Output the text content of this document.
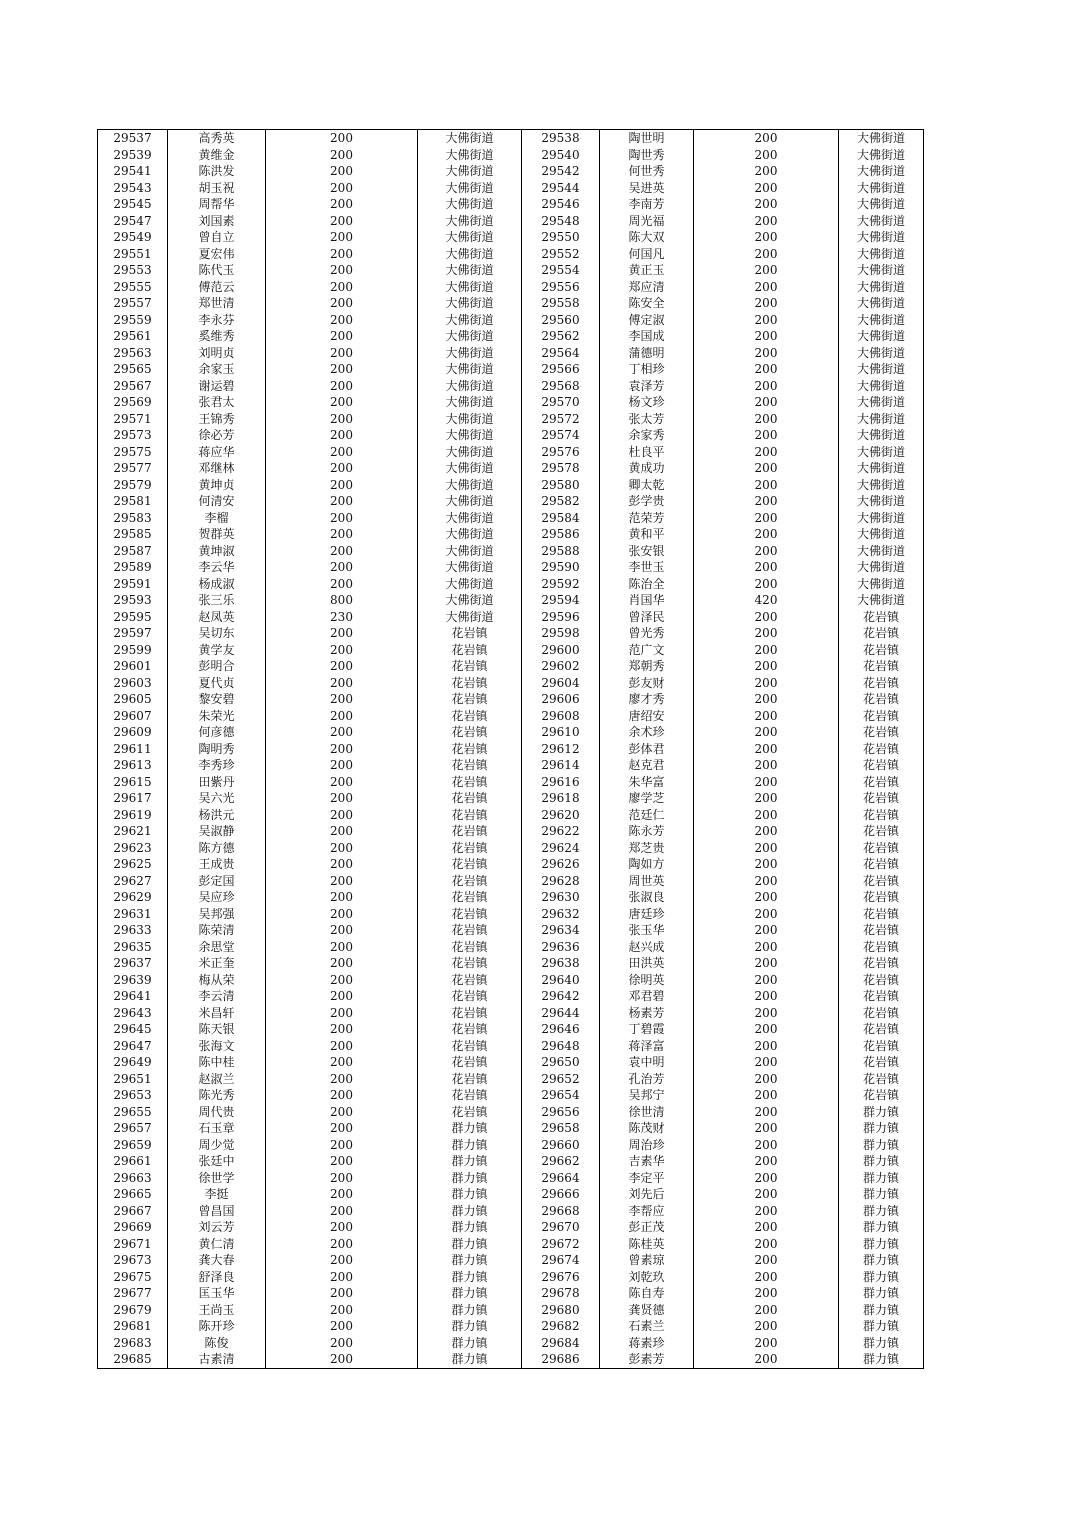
29537	高秀英	200	大佛街道	29538	陶世明	200	大佛街道
29539	黄维金	200	大佛街道	29540	陶世秀	200	大佛街道
29541	陈洪发	200	大佛街道	29542	何世秀	200	大佛街道
29543	胡玉祝	200	大佛街道	29544	吴进英	200	大佛街道
29545	周帮华	200	大佛街道	29546	李南芳	200	大佛街道
29547	刘国素	200	大佛街道	29548	周光福	200	大佛街道
29549	曾自立	200	大佛街道	29550	陈大双	200	大佛街道
29551	夏宏伟	200	大佛街道	29552	何国凡	200	大佛街道
29553	陈代玉	200	大佛街道	29554	黄正玉	200	大佛街道
29555	傅范云	200	大佛街道	29556	郑应清	200	大佛街道
29557	郑世清	200	大佛街道	29558	陈安全	200	大佛街道
29559	李永芬	200	大佛街道	29560	傅定淑	200	大佛街道
29561	奚维秀	200	大佛街道	29562	李国成	200	大佛街道
29563	刘明贞	200	大佛街道	29564	蒲德明	200	大佛街道
29565	余家玉	200	大佛街道	29566	丁相珍	200	大佛街道
29567	谢运碧	200	大佛街道	29568	袁泽芳	200	大佛街道
29569	张君太	200	大佛街道	29570	杨文珍	200	大佛街道
29571	王锦秀	200	大佛街道	29572	张太芳	200	大佛街道
29573	徐必芳	200	大佛街道	29574	余家秀	200	大佛街道
29575	蒋应华	200	大佛街道	29576	杜良平	200	大佛街道
29577	邓继林	200	大佛街道	29578	黄成功	200	大佛街道
29579	黄坤贞	200	大佛街道	29580	卿太乾	200	大佛街道
29581	何清安	200	大佛街道	29582	彭学贵	200	大佛街道
29583	李榴	200	大佛街道	29584	范荣芳	200	大佛街道
29585	贺群英	200	大佛街道	29586	黄和平	200	大佛街道
29587	黄坤淑	200	大佛街道	29588	张安银	200	大佛街道
29589	李云华	200	大佛街道	29590	李世玉	200	大佛街道
29591	杨成淑	200	大佛街道	29592	陈治全	200	大佛街道
29593	张三乐	800	大佛街道	29594	肖国华	420	大佛街道
29595	赵凤英	230	大佛街道	29596	曾泽民	200	花岩镇
29597	吴切东	200	花岩镇	29598	曾光秀	200	花岩镇
29599	黄学友	200	花岩镇	29600	范广文	200	花岩镇
29601	彭明合	200	花岩镇	29602	郑朝秀	200	花岩镇
29603	夏代贞	200	花岩镇	29604	彭友财	200	花岩镇
29605	黎安碧	200	花岩镇	29606	廖才秀	200	花岩镇
29607	朱荣光	200	花岩镇	29608	唐绍安	200	花岩镇
29609	何彦德	200	花岩镇	29610	余术珍	200	花岩镇
29611	陶明秀	200	花岩镇	29612	彭体君	200	花岩镇
29613	李秀珍	200	花岩镇	29614	赵克君	200	花岩镇
29615	田紫丹	200	花岩镇	29616	朱华富	200	花岩镇
29617	吴六光	200	花岩镇	29618	廖学芝	200	花岩镇
29619	杨洪元	200	花岩镇	29620	范廷仁	200	花岩镇
29621	吴淑静	200	花岩镇	29622	陈永芳	200	花岩镇
29623	陈方德	200	花岩镇	29624	郑芝贵	200	花岩镇
29625	王成贵	200	花岩镇	29626	陶如方	200	花岩镇
29627	彭定国	200	花岩镇	29628	周世英	200	花岩镇
29629	吴应珍	200	花岩镇	29630	张淑良	200	花岩镇
29631	吴邦强	200	花岩镇	29632	唐廷珍	200	花岩镇
29633	陈荣清	200	花岩镇	29634	张玉华	200	花岩镇
29635	余思堂	200	花岩镇	29636	赵兴成	200	花岩镇
29637	米正奎	200	花岩镇	29638	田洪英	200	花岩镇
29639	梅从荣	200	花岩镇	29640	徐明英	200	花岩镇
29641	李云清	200	花岩镇	29642	邓君碧	200	花岩镇
29643	米昌轩	200	花岩镇	29644	杨素芳	200	花岩镇
29645	陈天银	200	花岩镇	29646	丁碧霞	200	花岩镇
29647	张海文	200	花岩镇	29648	蒋泽富	200	花岩镇
29649	陈中桂	200	花岩镇	29650	袁中明	200	花岩镇
29651	赵淑兰	200	花岩镇	29652	孔治芳	200	花岩镇
29653	陈光秀	200	花岩镇	29654	吴邦宁	200	花岩镇
29655	周代贵	200	花岩镇	29656	徐世清	200	群力镇
29657	石玉章	200	群力镇	29658	陈茂财	200	群力镇
29659	周少觉	200	群力镇	29660	周治珍	200	群力镇
29661	张廷中	200	群力镇	29662	吉素华	200	群力镇
29663	徐世学	200	群力镇	29664	李定平	200	群力镇
29665	李挺	200	群力镇	29666	刘先后	200	群力镇
29667	曾昌国	200	群力镇	29668	李帮应	200	群力镇
29669	刘云芳	200	群力镇	29670	彭正茂	200	群力镇
29671	黄仁清	200	群力镇	29672	陈桂英	200	群力镇
29673	龚大春	200	群力镇	29674	曾素琼	200	群力镇
29675	舒泽良	200	群力镇	29676	刘乾玖	200	群力镇
29677	匡玉华	200	群力镇	29678	陈自寿	200	群力镇
29679	王尚玉	200	群力镇	29680	龚贤德	200	群力镇
29681	陈开珍	200	群力镇	29682	石素兰	200	群力镇
29683	陈俊	200	群力镇	29684	蒋素珍	200	群力镇
29685	古素清	200	群力镇	29686	彭素芳	200	群力镇
